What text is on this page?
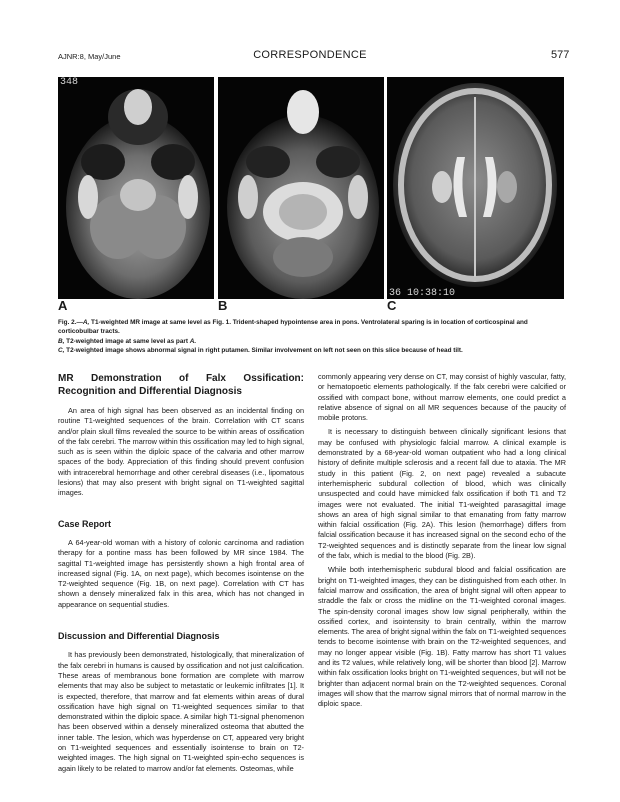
AJNR:8, May/June	CORRESPONDENCE	577
348
36 10:38:10
A	B	C

Fig. 2.—A, T1-weighted MR image at same level as Fig. 1. Trident-shaped hypointense area in pons. Ventrolateral sparing is in location of corticospinal and corticobulbar tracts.

B, T2-weighted image at same level as part A.

C, T2-weighted image shows abnormal signal in right putamen. Similar involvement on left not seen on this slice because of head tilt.

MR Demonstration of Falx Ossification: Recognition and Differential Diagnosis

An area of high signal has been observed as an incidental finding on routine T1-weighted sequences of the brain. Correlation with CT scans and/or plain skull films revealed the source to be within areas of ossification of the falx cerebri. The marrow within this ossification may led to high signal, such as is seen within the diploic space of the calvaria and other marrow spaces of the body. Appreciation of this finding should prevent confusion with intracerebral hemorrhage and other cerebral diseases (i.e., lipomatous lesions) that may also present with bright signal on T1-weighted sagittal images.

Case Report

A 64-year-old woman with a history of colonic carcinoma and radiation therapy for a pontine mass has been followed by MR since 1984. The sagittal T1-weighted image has persistently shown a high frontal area of increased signal (Fig. 1A, on next page), which becomes isointense on the T2-weighted sequence (Fig. 1B, on next page). Correlation with CT has shown a densely mineralized falx in this area, which has not changed in appearance on sequential studies.

Discussion and Differential Diagnosis

It has previously been demonstrated, histologically, that mineralization of the falx cerebri in humans is caused by ossification and not just calcification. These areas of membranous bone formation are complete with marrow elements that may also be subject to metastatic or leukemic infiltrates [1]. It is expected, therefore, that marrow and fat elements within areas of dural ossification have high signal on T1-weighted sequences similar to that demonstrated within the diploic space. A similar high T1-signal phenomenon has been observed within a densely mineralized osteoma that abutted the inner table. The lesion, which was hyperdense on CT, appeared very bright on T1-weighted sequences and essentially isointense to brain on T2-weighted images. The high signal on T1-weighted spin-echo sequences is again likely to be related to marrow and/or fat elements. Osteomas, while

commonly appearing very dense on CT, may consist of highly vascular, fatty, or hematopoetic elements pathologically. If the falx cerebri were calcified or ossified with compact bone, without marrow elements, one could predict a relative absence of signal on all MR sequences because of the paucity of mobile protons.

It is necessary to distinguish between clinically significant lesions that may be confused with physiologic falcial marrow. A clinical example is demonstrated by a 68-year-old woman outpatient who had a long clinical history of definite multiple sclerosis and a recent fall due to ataxia. The MR study in this patient (Fig. 2, on next page) revealed a subacute interhemispheric subdural collection of blood, which was clinically unsuspected and could have mimicked falx ossification if both T1 and T2 images were not evaluated. The initial T1-weighted parasagittal image shows an area of high signal similar to that emanating from fatty marrow within falcial ossification (Fig. 2A). This lesion (hemorrhage) differs from falcial ossification because it has increased signal on the second echo of the T2-weighted sequences and is distinctly separate from the linear low signal of the falx, which is medial to the blood (Fig. 2B).

While both interhemispheric subdural blood and falcial ossification are bright on T1-weighted images, they can be distinguished from each other. In falcial marrow and ossification, the area of bright signal will often appear to straddle the falx or cross the midline on the T1-weighted coronal images. The spin-density coronal images show low signal peripherally, within the ossified cortex, and isointensity to brain centrally, within the marrow elements. The area of bright signal within the falx on T1-weighted sequences tends to become isointense with brain on the T2-weighted sequences, and may no longer appear visible (Fig. 1B). Fatty marrow has short T1 values and its T2 values, while relatively long, will be shorter than blood [2]. Marrow within falx ossification looks bright on T1-weighted sequences, but will not be brighter than adjacent normal brain on the T2-weighted sequences. Coronal images will show that the marrow signal mirrors that of normal marrow in the diploic space.
